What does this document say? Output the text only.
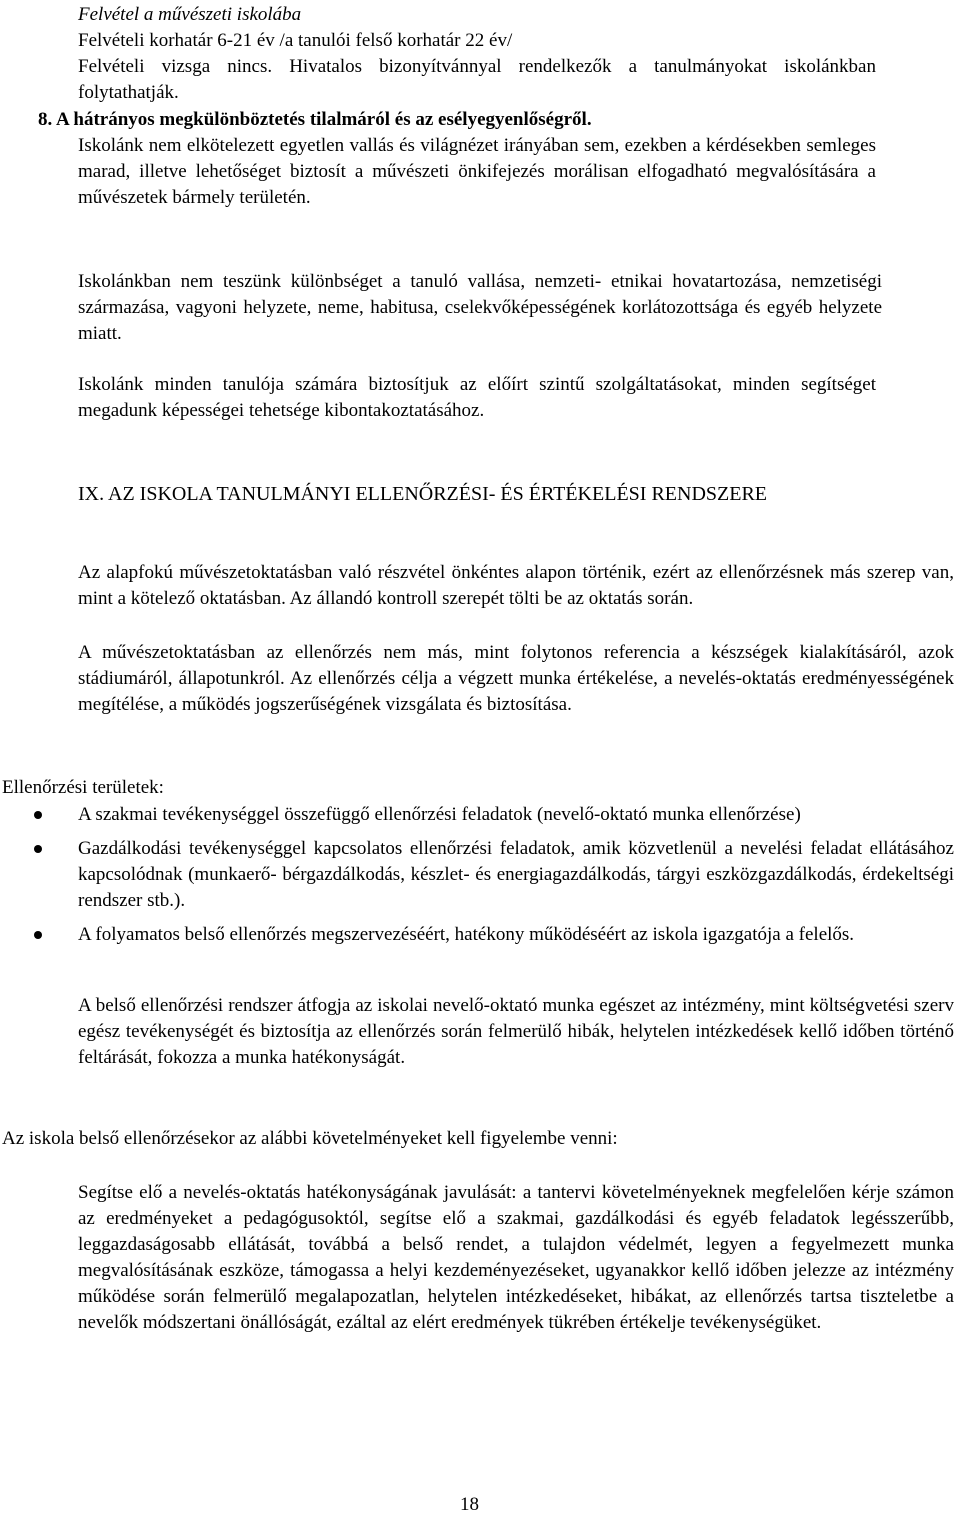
Felvétel a művészeti iskolába

Felvételi korhatár 6-21 év /a tanulói felső korhatár 22 év/

Felvételi vizsga nincs. Hivatalos bizonyítvánnyal rendelkezők a tanulmányokat iskolánkban folytathatják.

8. A hátrányos megkülönböztetés tilalmáról és az esélyegyenlőségről.
Iskolánk nem elkötelezett egyetlen vallás és világnézet irányában sem, ezekben a kérdésekben semleges marad, illetve lehetőséget biztosít a művészeti önkifejezés morálisan elfogadható megvalósítására a művészetek bármely területén.
Iskolánkban nem teszünk különbséget a tanuló vallása, nemzeti- etnikai hovatartozása, nemzetiségi származása, vagyoni helyzete, neme, habitusa, cselekvőképességének korlátozottsága és egyéb helyzete miatt.
Iskolánk minden tanulója számára biztosítjuk az előírt szintű szolgáltatásokat, minden segítséget megadunk képességei tehetsége kibontakoztatásához.
IX. AZ ISKOLA TANULMÁNYI ELLENŐRZÉSI- ÉS ÉRTÉKELÉSI RENDSZERE
Az alapfokú művészetoktatásban való részvétel önkéntes alapon történik, ezért az ellenőrzésnek más szerep van, mint a kötelező oktatásban. Az állandó kontroll szerepét tölti be az oktatás során.
A művészetoktatásban az ellenőrzés nem más, mint folytonos referencia a készségek kialakításáról, azok stádiumáról, állapotunkról. Az ellenőrzés célja a végzett munka értékelése, a nevelés-oktatás eredményességének megítélése, a működés jogszerűségének vizsgálata és biztosítása.
Ellenőrzési területek:
A szakmai tevékenységgel összefüggő ellenőrzési feladatok (nevelő-oktató munka ellenőrzése)
Gazdálkodási tevékenységgel kapcsolatos ellenőrzési feladatok, amik közvetlenül a nevelési feladat ellátásához kapcsolódnak (munkaerő- bérgazdálkodás, készlet- és energiagazdálkodás, tárgyi eszközgazdálkodás, érdekeltségi rendszer stb.).
A folyamatos belső ellenőrzés megszervezéséért, hatékony működéséért az iskola igazgatója a felelős.
A belső ellenőrzési rendszer átfogja az iskolai nevelő-oktató munka egészet az intézmény, mint költségvetési szerv egész tevékenységét és biztosítja az ellenőrzés során felmerülő hibák, helytelen intézkedések kellő időben történő feltárását, fokozza a munka hatékonyságát.
Az iskola belső ellenőrzésekor az alábbi követelményeket kell figyelembe venni:
Segítse elő a nevelés-oktatás hatékonyságának javulását: a tantervi követelményeknek megfelelően kérje számon az eredményeket a pedagógusoktól, segítse elő a szakmai, gazdálkodási és egyéb feladatok legésszerűbb, leggazdaságosabb ellátását, továbbá a belső rendet, a tulajdon védelmét, legyen a fegyelmezett munka megvalósításának eszköze, támogassa a helyi kezdeményezéseket, ugyanakkor kellő időben jelezze az intézmény működése során felmerülő megalapozatlan, helytelen intézkedéseket, hibákat, az ellenőrzés tartsa tiszteletbe a nevelők módszertani önállóságát, ezáltal az elért eredmények tükrében értékelje tevékenységüket.
18
